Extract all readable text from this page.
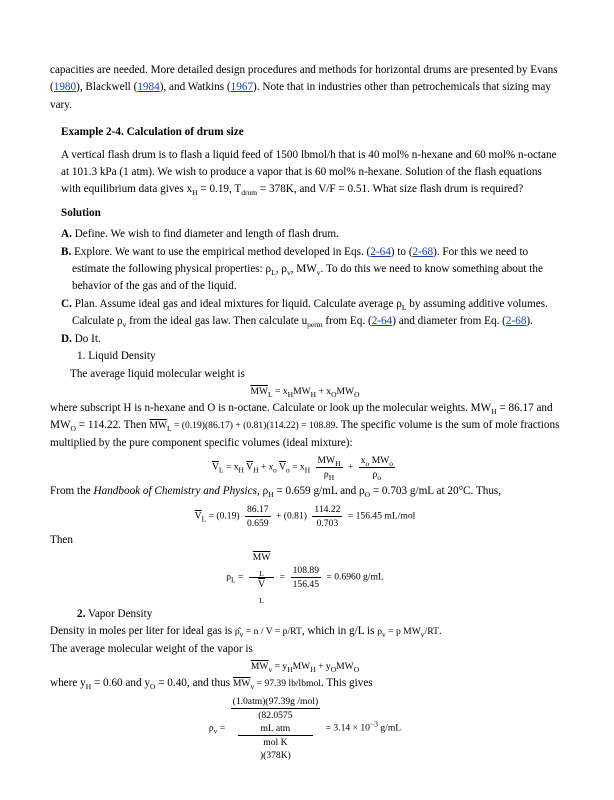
capacities are needed. More detailed design procedures and methods for horizontal drums are presented by Evans (1980), Blackwell (1984), and Watkins (1967). Note that in industries other than petrochemicals that sizing may vary.

Example 2-4. Calculation of drum size

A vertical flash drum is to flash a liquid feed of 1500 lbmol/h that is 40 mol% n-hexane and 60 mol% n-octane at 101.3 kPa (1 atm). We wish to produce a vapor that is 60 mol% n-hexane. Solution of the flash equations with equilibrium data gives $x_H = 0.19$, $T_{drum} = 378K$, and V/F = 0.51. What size flash drum is required?

Solution

A. Define. We wish to find diameter and length of flash drum.

B. Explore. We want to use the empirical method developed in Eqs. (2-64) to (2-68). For this we need to estimate the following physical properties: $\rho_L$, $\rho_v$, $MW_v$. To do this we need to know something about the behavior of the gas and of the liquid.

C. Plan. Assume ideal gas and ideal mixtures for liquid. Calculate average $\rho_L$ by assuming additive volumes. Calculate $\rho_v$ from the ideal gas law. Then calculate $u_{perm}$ from Eq. (2-64) and diameter from Eq. (2-68).

D. Do It.

1. Liquid Density

The average liquid molecular weight is

$\overline{MW}_L = x_HMW_H + x_OMW_O$

where subscript H is n-hexane and O is n-octane. Calculate or look up the molecular weights. $MW_H = 86.17$ and $MW_O = 114.22$. Then $\overline{MW}_L = (0.19)(86.17) + (0.81)(114.22) = 108.89$. The specific volume is the sum of mole fractions multiplied by the pure component specific volumes (ideal mixture):

$\overline{V}_L = x_H$ $\overline{V}_H + x_o$ $\overline{V}_o = x_H \frac{MW_H}{\rho_H} + \frac{x_o MW_o}{\rho_o}$

From the Handbook of Chemistry and Physics, $\rho_H = 0.659$ g/mL and $\rho_O = 0.703$ g/mL at 20°C. Thus,

$\overline{V}_L = (0.19) \frac{86.17}{0.659} + (0.81) \frac{114.22}{0.703} = 156.45$ mL/mol

Then

$\rho_L = \overline{MW}$
$_L$
$\overline{V}$
$_L = \frac{108.89}{156.45} = 0.6960$ g/mL

2. Vapor Density

Density in moles per liter for ideal gas is $\rhô_v = n / V = p/RT$, which in g/L is $\rho_v = p$ $MW_v/RT$.
The average molecular weight of the vapor is

$\overline{MW}_v = y_HMW_H + y_OMW_O$

where $y_H = 0.60$ and $y_O = 0.40$, and thus $\overline{MW}_v = 97.39$ lb/lbmol. This gives

$\rho_v = (1.0atm)(97.39g$ /mol)
(82.0575
mL atm
mol K
)$(378K) = 3.14 \times 10^{-3}$ g/mL
